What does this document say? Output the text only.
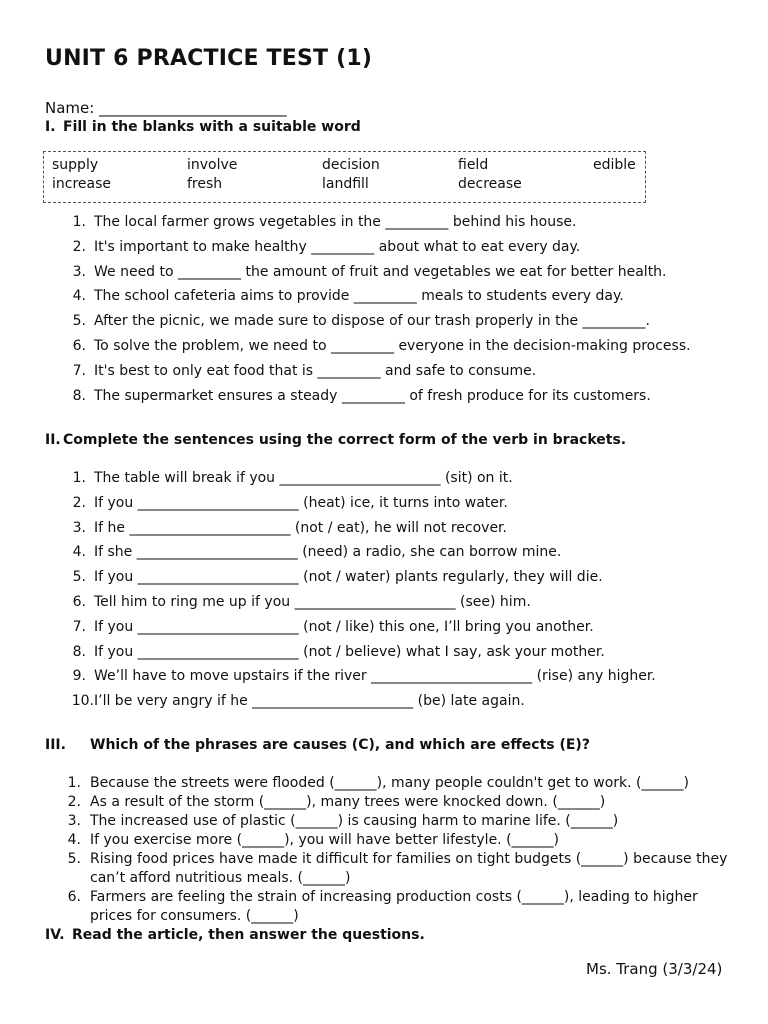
UNIT 6 PRACTICE TEST (1)
Name: _________________________
I. Fill in the blanks with a suitable word
supply	involve	decision	field	edible
increase	fresh	landfill	decrease
1. The local farmer grows vegetables in the _________ behind his house.
2. It's important to make healthy _________ about what to eat every day.
3. We need to _________ the amount of fruit and vegetables we eat for better health.
4. The school cafeteria aims to provide _________ meals to students every day.
5. After the picnic, we made sure to dispose of our trash properly in the _________.
6. To solve the problem, we need to _________ everyone in the decision-making process.
7. It's best to only eat food that is _________ and safe to consume.
8. The supermarket ensures a steady _________ of fresh produce for its customers.
II. Complete the sentences using the correct form of the verb in brackets.
1. The table will break if you _______________________ (sit) on it.
2. If you _______________________ (heat) ice, it turns into water.
3. If he _______________________ (not / eat), he will not recover.
4. If she _______________________ (need) a radio, she can borrow mine.
5. If you _______________________ (not / water) plants regularly, they will die.
6. Tell him to ring me up if you _______________________ (see) him.
7. If you _______________________ (not / like) this one, I’ll bring you another.
8. If you _______________________ (not / believe) what I say, ask your mother.
9. We’ll have to move upstairs if the river _______________________ (rise) any higher.
10. I’ll be very angry if he _______________________ (be) late again.
III. Which of the phrases are causes (C), and which are effects (E)?
1. Because the streets were flooded (______), many people couldn't get to work. (______)
2. As a result of the storm (______), many trees were knocked down. (______)
3. The increased use of plastic (______) is causing harm to marine life. (______)
4. If you exercise more (______), you will have better lifestyle. (______)
5. Rising food prices have made it difficult for families on tight budgets (______) because they
can’t afford nutritious meals. (______)
6. Farmers are feeling the strain of increasing production costs (______), leading to higher
prices for consumers. (______)
IV. Read the article, then answer the questions.
Ms. Trang (3/3/24)
